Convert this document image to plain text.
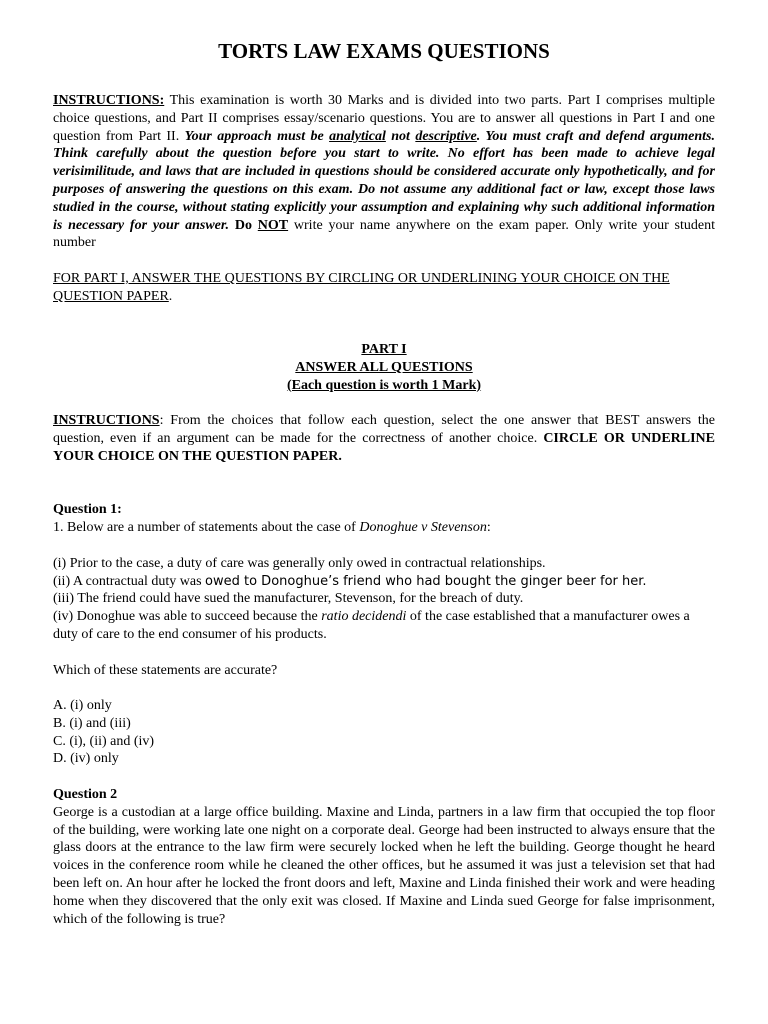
TORTS LAW EXAMS QUESTIONS

INSTRUCTIONS: This examination is worth 30 Marks and is divided into two parts. Part I comprises multiple choice questions, and Part II comprises essay/scenario questions. You are to answer all questions in Part I and one question from Part II. Your approach must be analytical not descriptive. You must craft and defend arguments. Think carefully about the question before you start to write. No effort has been made to achieve legal verisimilitude, and laws that are included in questions should be considered accurate only hypothetically, and for purposes of answering the questions on this exam. Do not assume any additional fact or law, except those laws studied in the course, without stating explicitly your assumption and explaining why such additional information is necessary for your answer. Do NOT write your name anywhere on the exam paper. Only write your student number

FOR PART I, ANSWER THE QUESTIONS BY CIRCLING OR UNDERLINING YOUR CHOICE ON THE QUESTION PAPER.

PART I

ANSWER ALL QUESTIONS

(Each question is worth 1 Mark)

INSTRUCTIONS: From the choices that follow each question, select the one answer that BEST answers the question, even if an argument can be made for the correctness of another choice. CIRCLE OR UNDERLINE YOUR CHOICE ON THE QUESTION PAPER.

Question 1:

1. Below are a number of statements about the case of Donoghue v Stevenson:

(i) Prior to the case, a duty of care was generally only owed in contractual relationships.

(ii) A contractual duty was owed to Donoghue’s friend who had bought the ginger beer for her.

(iii) The friend could have sued the manufacturer, Stevenson, for the breach of duty.

(iv) Donoghue was able to succeed because the ratio decidendi of the case established that a manufacturer owes a duty of care to the end consumer of his products.

Which of these statements are accurate?

A. (i) only

B. (i) and (iii)

C. (i), (ii) and (iv)

D. (iv) only

Question 2

George is a custodian at a large office building. Maxine and Linda, partners in a law firm that occupied the top floor of the building, were working late one night on a corporate deal. George had been instructed to always ensure that the glass doors at the entrance to the law firm were securely locked when he left the building. George thought he heard voices in the conference room while he cleaned the other offices, but he assumed it was just a television set that had been left on. An hour after he locked the front doors and left, Maxine and Linda finished their work and were heading home when they discovered that the only exit was closed. If Maxine and Linda sued George for false imprisonment, which of the following is true?
